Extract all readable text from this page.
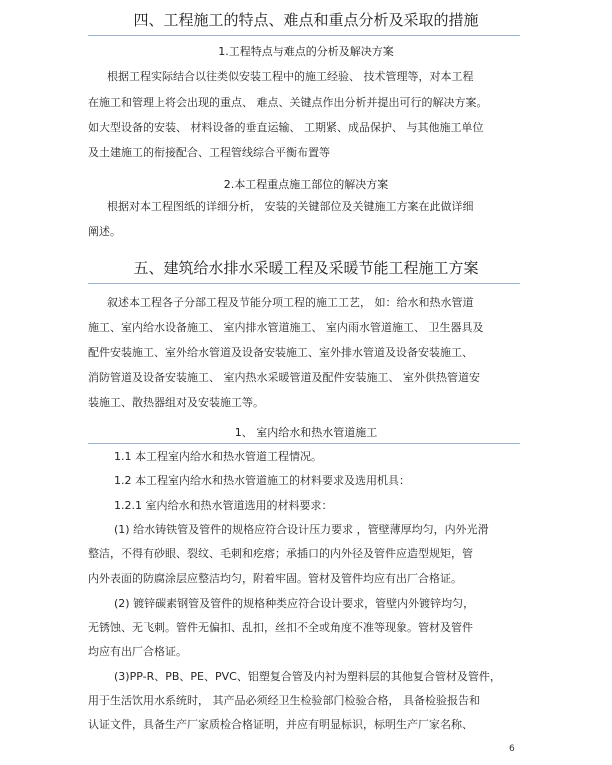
四、工程施工的特点、难点和重点分析及采取的措施
1.工程特点与难点的分析及解决方案
根据工程实际结合以往类似安装工程中的施工经验、 技术管理等，对本工程
在施工和管理上将会出现的重点、 难点、关键点作出分析并提出可行的解决方案。
如大型设备的安装、 材料设备的垂直运输、 工期紧、成品保护、 与其他施工单位
及土建施工的衔接配合、工程管线综合平衡布置等
2.本工程重点施工部位的解决方案
根据对本工程图纸的详细分析， 安装的关键部位及关键施工方案在此做详细
阐述。
五、建筑给水排水采暖工程及采暖节能工程施工方案
叙述本工程各子分部工程及节能分项工程的施工工艺， 如：给水和热水管道
施工、室内给水设备施工、 室内排水管道施工、 室内雨水管道施工、 卫生器具及
配件安装施工、室外给水管道及设备安装施工、室外排水管道及设备安装施工、
消防管道及设备安装施工、 室内热水采暖管道及配件安装施工、 室外供热管道安
装施工、散热器组对及安装施工等。
1、 室内给水和热水管道施工
1.1 本工程室内给水和热水管道工程情况。
1.2 本工程室内给水和热水管道施工的材料要求及选用机具：
1.2.1 室内给水和热水管道选用的材料要求：
(1) 给水铸铁管及管件的规格应符合设计压力要求 ，管壁薄厚均匀，内外光滑
整洁，不得有砂眼、裂纹、毛刺和疙瘩；承插口的内外径及管件应造型规矩，管
内外表面的防腐涂层应整洁均匀，附着牢固。管材及管件均应有出厂合格证。
(2) 镀锌碳素钢管及管件的规格种类应符合设计要求，管壁内外镀锌均匀，
无锈蚀、无飞刺。管件无偏扣、乱扣，丝扣不全或角度不准等现象。管材及管件
均应有出厂合格证。
(3)PP-R、PB、PE、PVC、铝塑复合管及内衬为塑料层的其他复合管材及管件，
用于生活饮用水系统时， 其产品必须经卫生检验部门检验合格， 具备检验报告和
认证文件，具备生产厂家质检合格证明，并应有明显标识，标明生产厂家名称、
6
